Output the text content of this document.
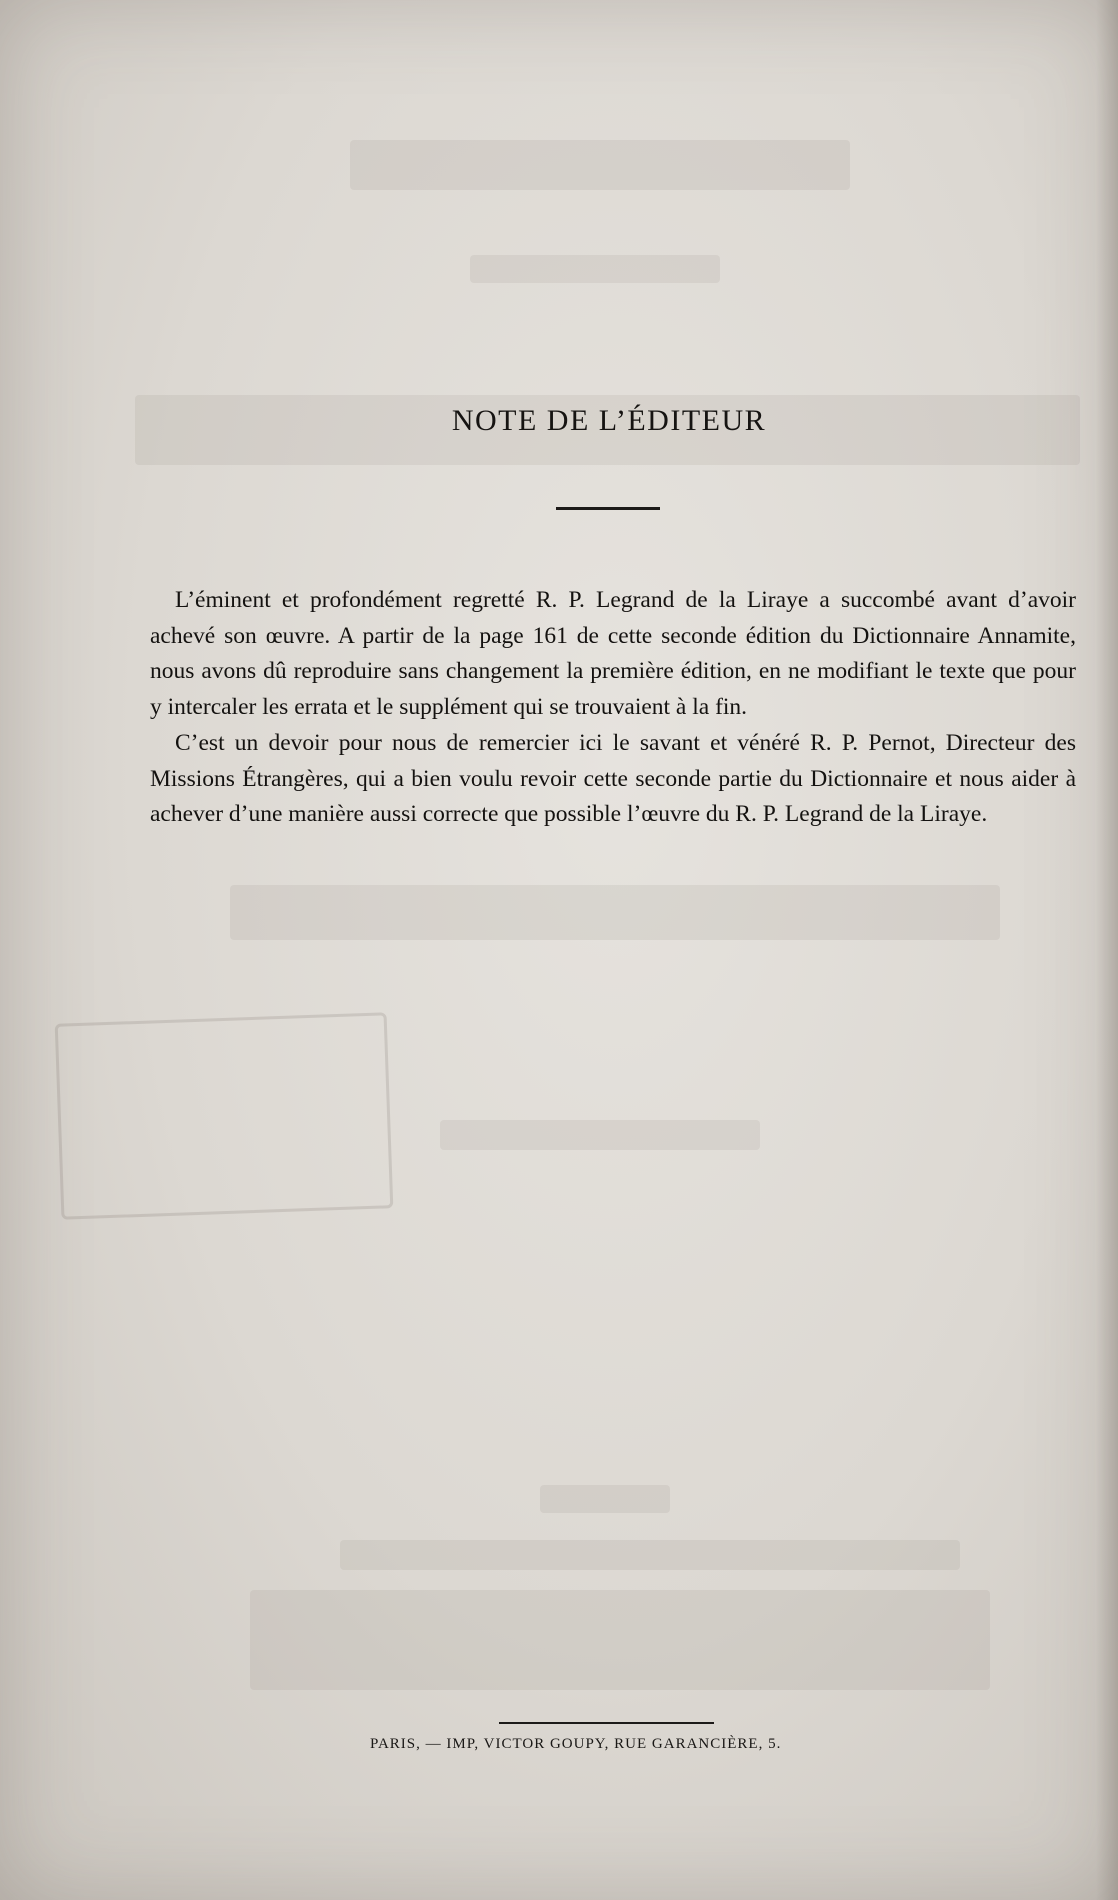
NOTE DE L’ÉDITEUR

L’éminent et profondément regretté R. P. Legrand de la Liraye a succombé avant d’avoir achevé son œuvre. A partir de la page 161 de cette seconde édition du Dictionnaire Annamite, nous avons dû reproduire sans changement la première édition, en ne modifiant le texte que pour y intercaler les errata et le supplément qui se trouvaient à la fin.

C’est un devoir pour nous de remercier ici le savant et vénéré R. P. Pernot, Directeur des Missions Étrangères, qui a bien voulu revoir cette seconde partie du Dictionnaire et nous aider à achever d’une manière aussi correcte que possible l’œuvre du R. P. Legrand de la Liraye.

PARIS, — IMP, VICTOR GOUPY, RUE GARANCIÈRE, 5.
